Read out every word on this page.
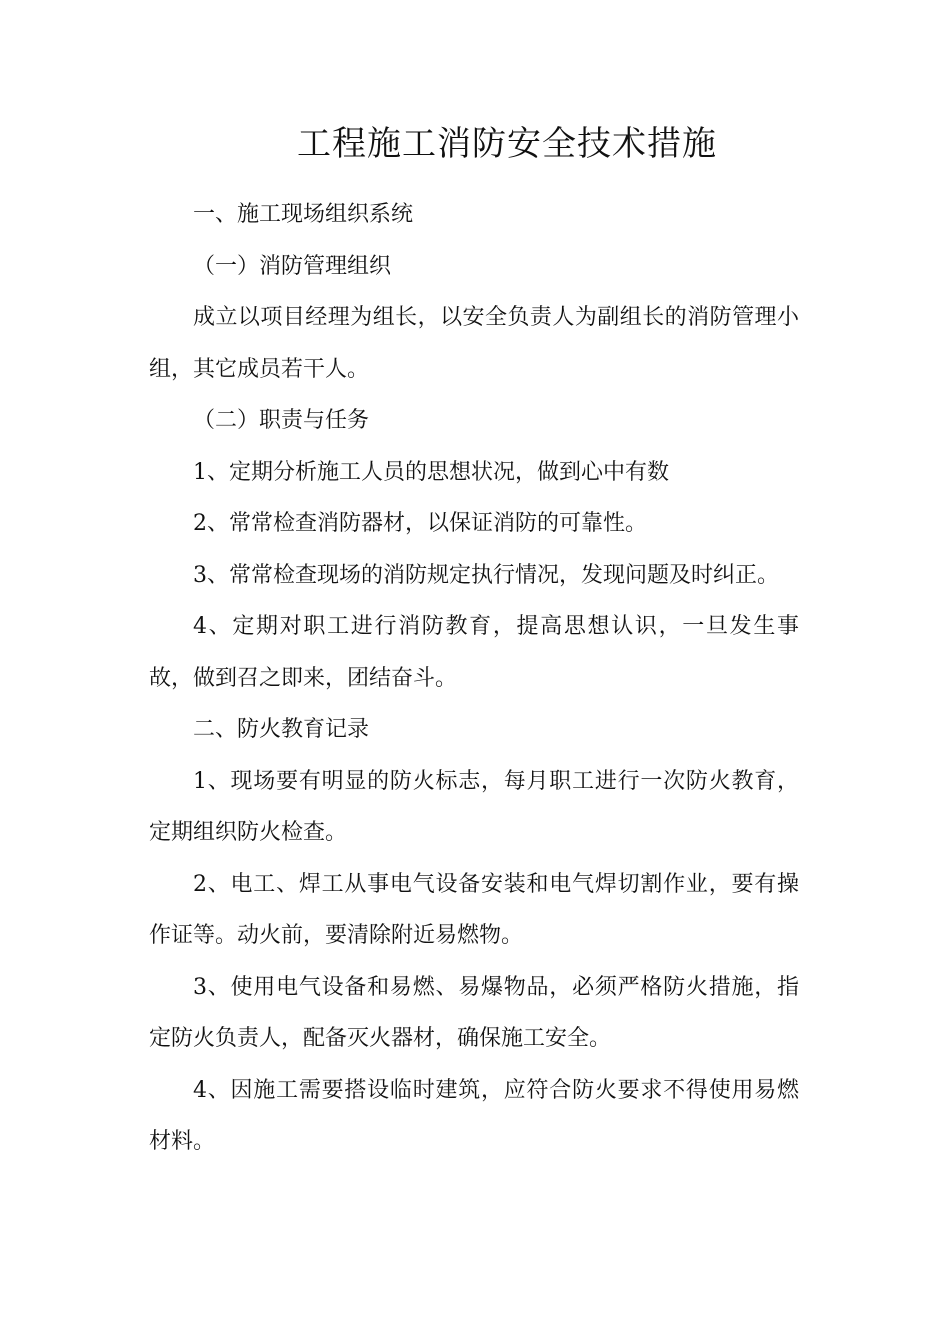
工程施工消防安全技术措施

一、施工现场组织系统

（一）消防管理组织

成立以项目经理为组长，以安全负责人为副组长的消防管理小组，其它成员若干人。

（二）职责与任务

1、定期分析施工人员的思想状况，做到心中有数

2、常常检查消防器材，以保证消防的可靠性。

3、常常检查现场的消防规定执行情况，发现问题及时纠正。

4、定期对职工进行消防教育，提高思想认识，一旦发生事故，做到召之即来，团结奋斗。

二、防火教育记录

1、现场要有明显的防火标志，每月职工进行一次防火教育，定期组织防火检查。

2、电工、焊工从事电气设备安装和电气焊切割作业，要有操作证等。动火前，要清除附近易燃物。

3、使用电气设备和易燃、易爆物品，必须严格防火措施，指定防火负责人，配备灭火器材，确保施工安全。

4、因施工需要搭设临时建筑，应符合防火要求不得使用易燃材料。
